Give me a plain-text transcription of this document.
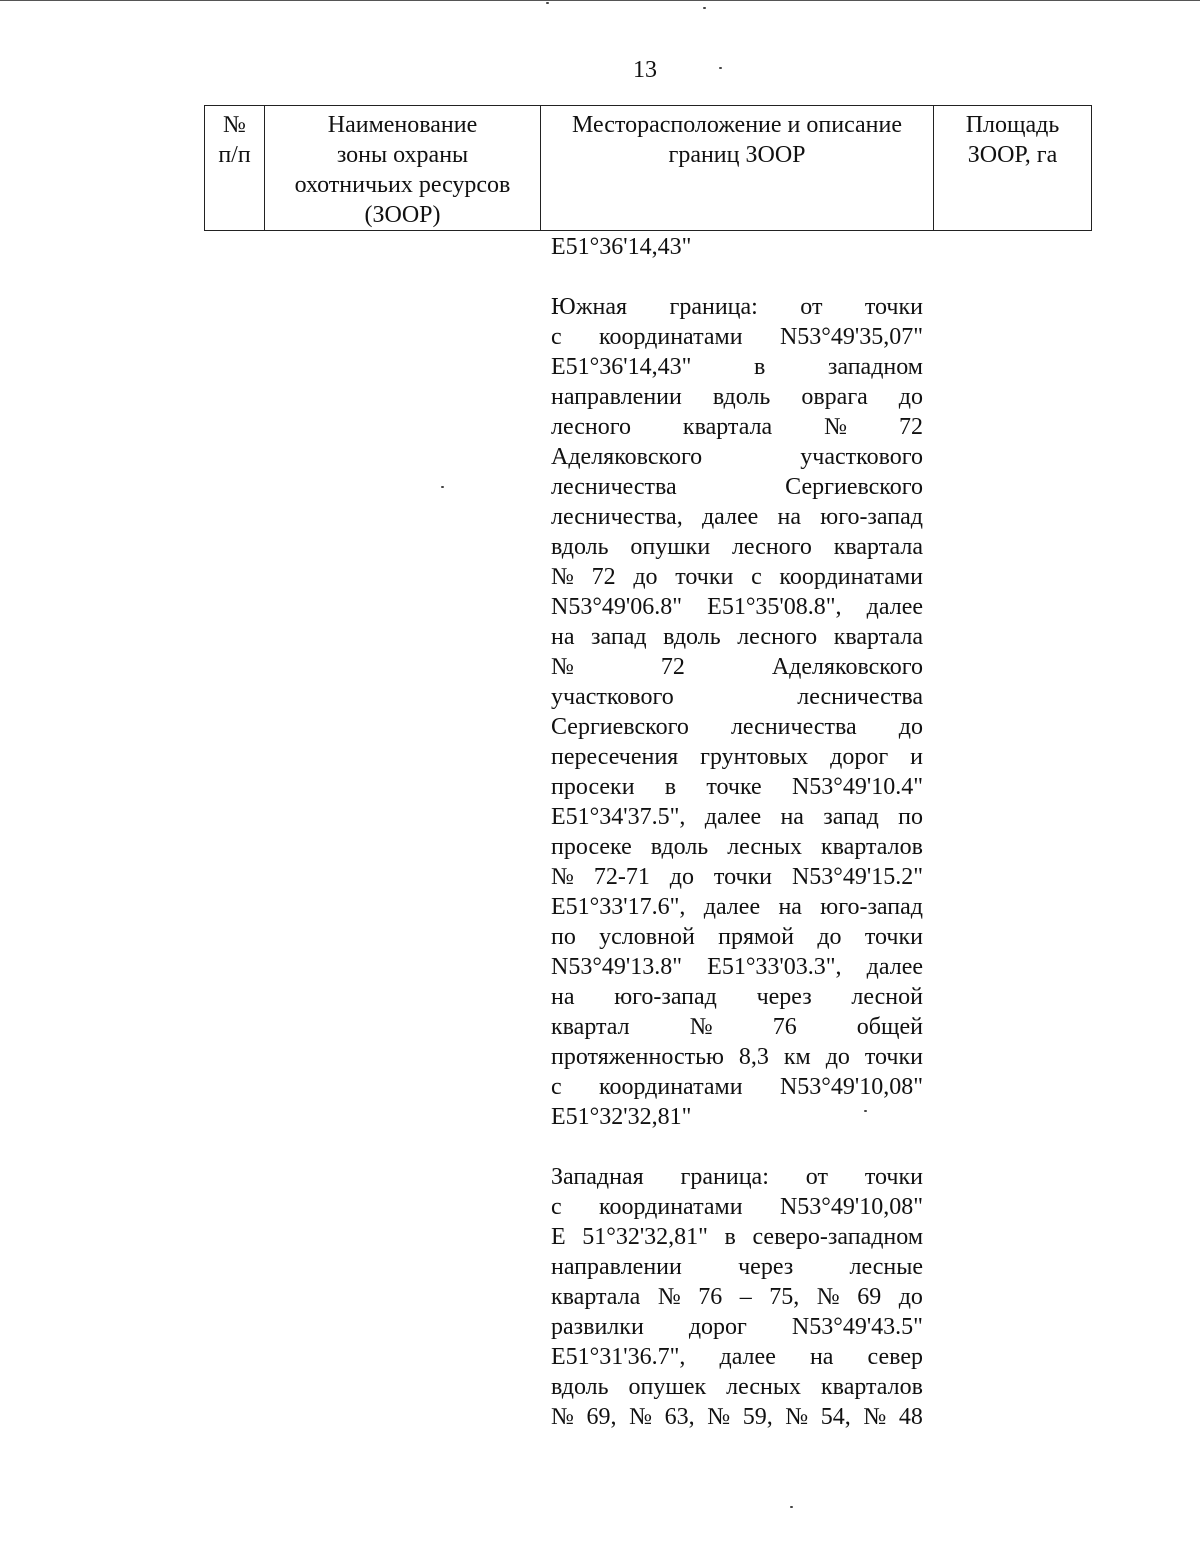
13
№
п/п

Наименование
зоны охраны
охотничьих ресурсов
(ЗООР)

Месторасположение и описание
границ ЗООР

Площадь
ЗООР, га
E51°36'14,43"
Южная граница: от точки
с координатами N53°49'35,07"
E51°36'14,43"	в	западном
направлении вдоль оврага до
лесного квартала № 72
Аделяковского	участкового
лесничества	Сергиевского
лесничества, далее на юго-запад
вдоль опушки лесного квартала
№ 72 до точки с координатами
N53°49'06.8" E51°35'08.8", далее
на запад вдоль лесного квартала
№	72	Аделяковского
участкового	лесничества
Сергиевского лесничества до
пересечения грунтовых дорог и
просеки в точке N53°49'10.4"
E51°34'37.5", далее на запад по
просеке вдоль лесных кварталов
№ 72-71 до точки N53°49'15.2"
E51°33'17.6", далее на юго-запад
по условной прямой до точки
N53°49'13.8" E51°33'03.3", далее
на юго-запад через лесной
квартал	№	76	общей
протяженностью 8,3 км до точки
с координатами N53°49'10,08"
E51°32'32,81"
Западная граница: от точки
с координатами N53°49'10,08"
E 51°32'32,81" в северо-западном
направлении через лесные
квартала № 76 – 75, № 69 до
развилки дорог N53°49'43.5"
E51°31'36.7", далее на север
вдоль опушек лесных кварталов
№ 69, № 63, № 59, № 54, № 48
